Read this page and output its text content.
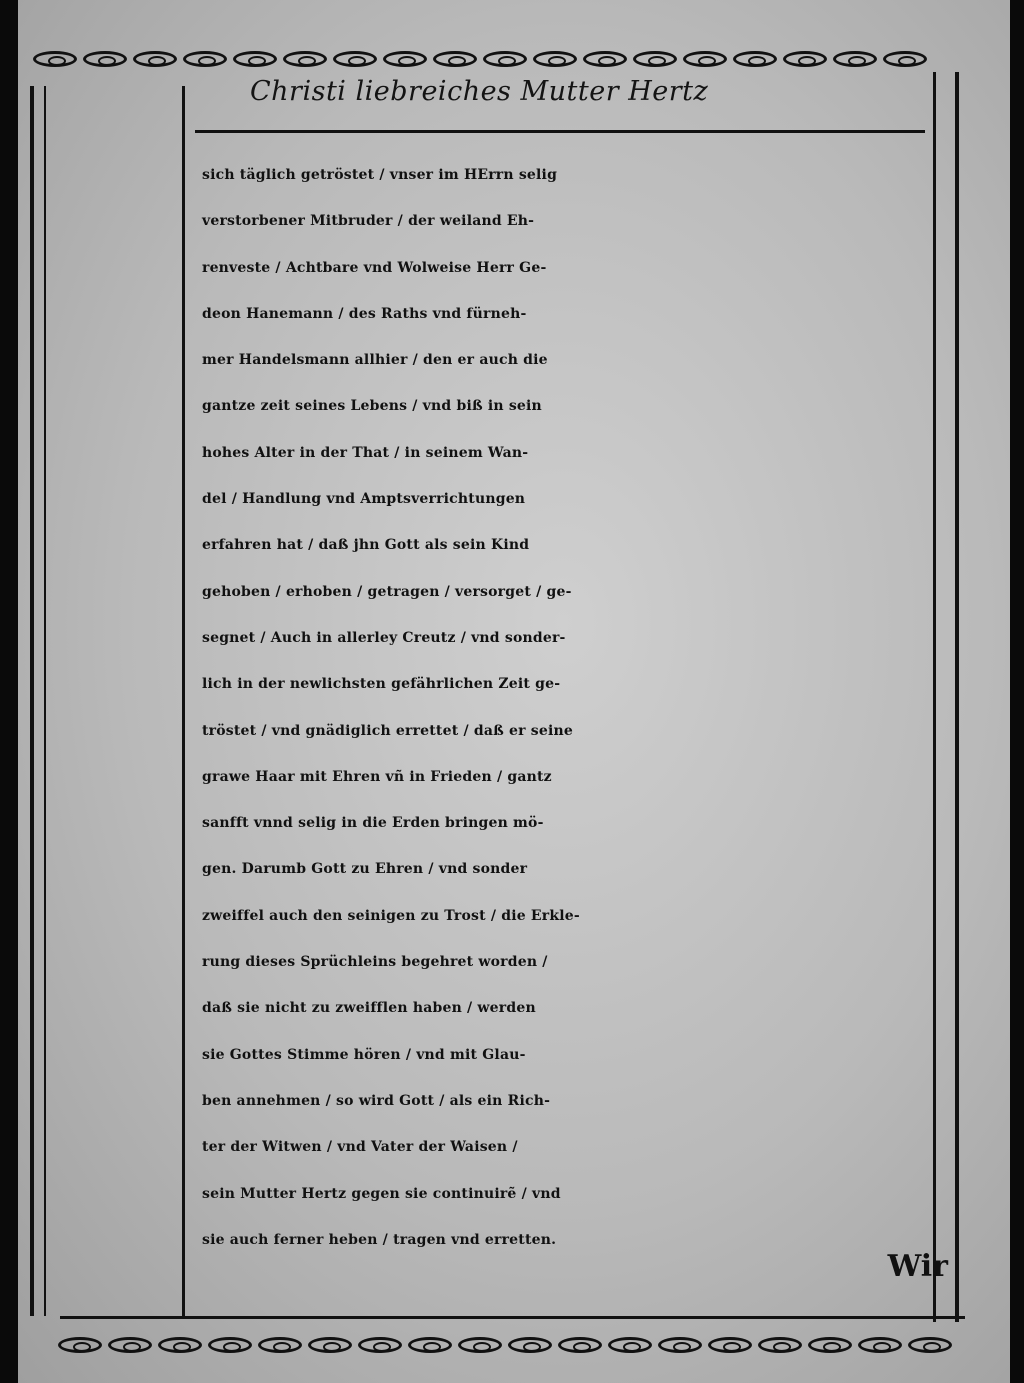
Christi liebreiches Mutter Hertz
sich täglich getröstet / vnser im HErrn selig
verstorbener Mitbruder / der weiland Eh-
renveste / Achtbare vnd Wolweise Herr Ge-
deon Hanemann / des Raths vnd fürneh-
mer Handelsmann allhier / den er auch die
gantze zeit seines Lebens / vnd biß in sein
hohes Alter in der That / in seinem Wan-
del / Handlung vnd Amptsverrichtungen
erfahren hat / daß jhn Gott als sein Kind
gehoben / erhoben / getragen / versorget / ge-
segnet / Auch in allerley Creutz / vnd sonder-
lich in der newlichsten gefährlichen Zeit ge-
tröstet / vnd gnädiglich errettet / daß er seine
grawe Haar mit Ehren vñ in Frieden / gantz
sanfft vnnd selig in die Erden bringen mö-
gen. Darumb Gott zu Ehren / vnd sonder
zweiffel auch den seinigen zu Trost / die Erkle-
rung dieses Sprüchleins begehret worden /
daß sie nicht zu zweifflen haben / werden
sie Gottes Stimme hören / vnd mit Glau-
ben annehmen / so wird Gott / als ein Rich-
ter der Witwen / vnd Vater der Waisen /
sein Mutter Hertz gegen sie continuirẽ / vnd
sie auch ferner heben / tragen vnd erretten.
Wir
